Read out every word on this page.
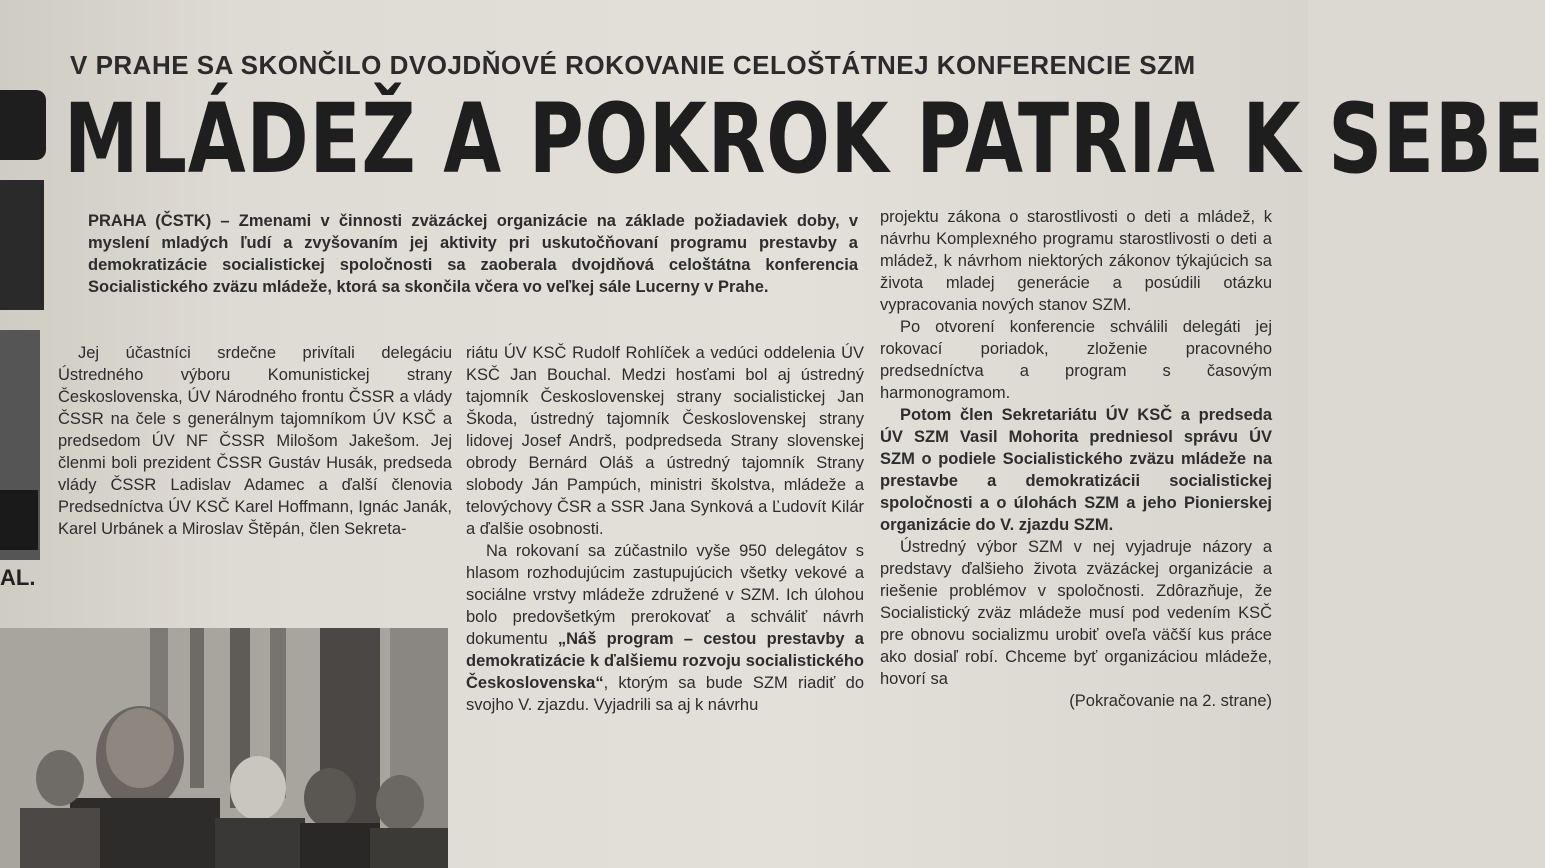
AL.
V PRAHE SA SKONČILO DVOJDŇOVÉ ROKOVANIE CELOŠTÁTNEJ KONFERENCIE SZM
MLÁDEŽ A POKROK PATRIA K SEBE
PRAHA (ČSTK) – Zmenami v činnosti zväzáckej organizácie na základe požiadaviek doby, v myslení mladých ľudí a zvyšovaním jej aktivity pri uskutočňovaní programu prestavby a demokratizácie socialistickej spoločnosti sa zaoberala dvojdňová celoštátna konferencia Socialistického zväzu mládeže, ktorá sa skončila včera vo veľkej sále Lucerny v Prahe.

Jej účastníci srdečne privítali delegáciu Ústredného výboru Komunistickej strany Československa, ÚV Národného frontu ČSSR a vlády ČSSR na čele s generálnym tajomníkom ÚV KSČ a predsedom ÚV NF ČSSR Milošom Jakešom. Jej členmi boli prezident ČSSR Gustáv Husák, predseda vlády ČSSR Ladislav Adamec a ďalší členovia Predsedníctva ÚV KSČ Karel Hoffmann, Ignác Janák, Karel Urbánek a Miroslav Štěpán, člen Sekreta-

riátu ÚV KSČ Rudolf Rohlíček a vedúci oddelenia ÚV KSČ Jan Bouchal. Medzi hosťami bol aj ústredný tajomník Československej strany socialistickej Jan Škoda, ústredný tajomník Československej strany lidovej Josef Andrš, podpredseda Strany slovenskej obrody Bernárd Oláš a ústredný tajomník Strany slobody Ján Pampúch, ministri školstva, mládeže a telovýchovy ČSR a SSR Jana Synková a Ľudovít Kilár a ďalšie osobnosti.

Na rokovaní sa zúčastnilo vyše 950 delegátov s hlasom rozhodujúcim zastupujúcich všetky vekové a sociálne vrstvy mládeže združené v SZM. Ich úlohou bolo predovšetkým prerokovať a schváliť návrh dokumentu „Náš program – cestou prestavby a demokratizácie k ďalšiemu rozvoju socialistického Československa“, ktorým sa bude SZM riadiť do svojho V. zjazdu. Vyjadrili sa aj k návrhu

projektu zákona o starostlivosti o deti a mládež, k návrhu Komplexného programu starostlivosti o deti a mládež, k návrhom niektorých zákonov týkajúcich sa života mladej generácie a posúdili otázku vypracovania nových stanov SZM.

Po otvorení konferencie schválili delegáti jej rokovací poriadok, zloženie pracovného predsedníctva a program s časovým harmonogramom.

Potom člen Sekretariátu ÚV KSČ a predseda ÚV SZM Vasil Mohorita predniesol správu ÚV SZM o podiele Socialistického zväzu mládeže na prestavbe a demokratizácii socialistickej spoločnosti a o úlohách SZM a jeho Pionierskej organizácie do V. zjazdu SZM.

Ústredný výbor SZM v nej vyjadruje názory a predstavy ďalšieho života zväzáckej organizácie a riešenie problémov v spoločnosti. Zdôrazňuje, že Socialistický zväz mládeže musí pod vedením KSČ pre obnovu socializmu urobiť oveľa väčší kus práce ako dosiaľ robí. Chceme byť organizáciou mládeže, hovorí sa

(Pokračovanie na 2. strane)
